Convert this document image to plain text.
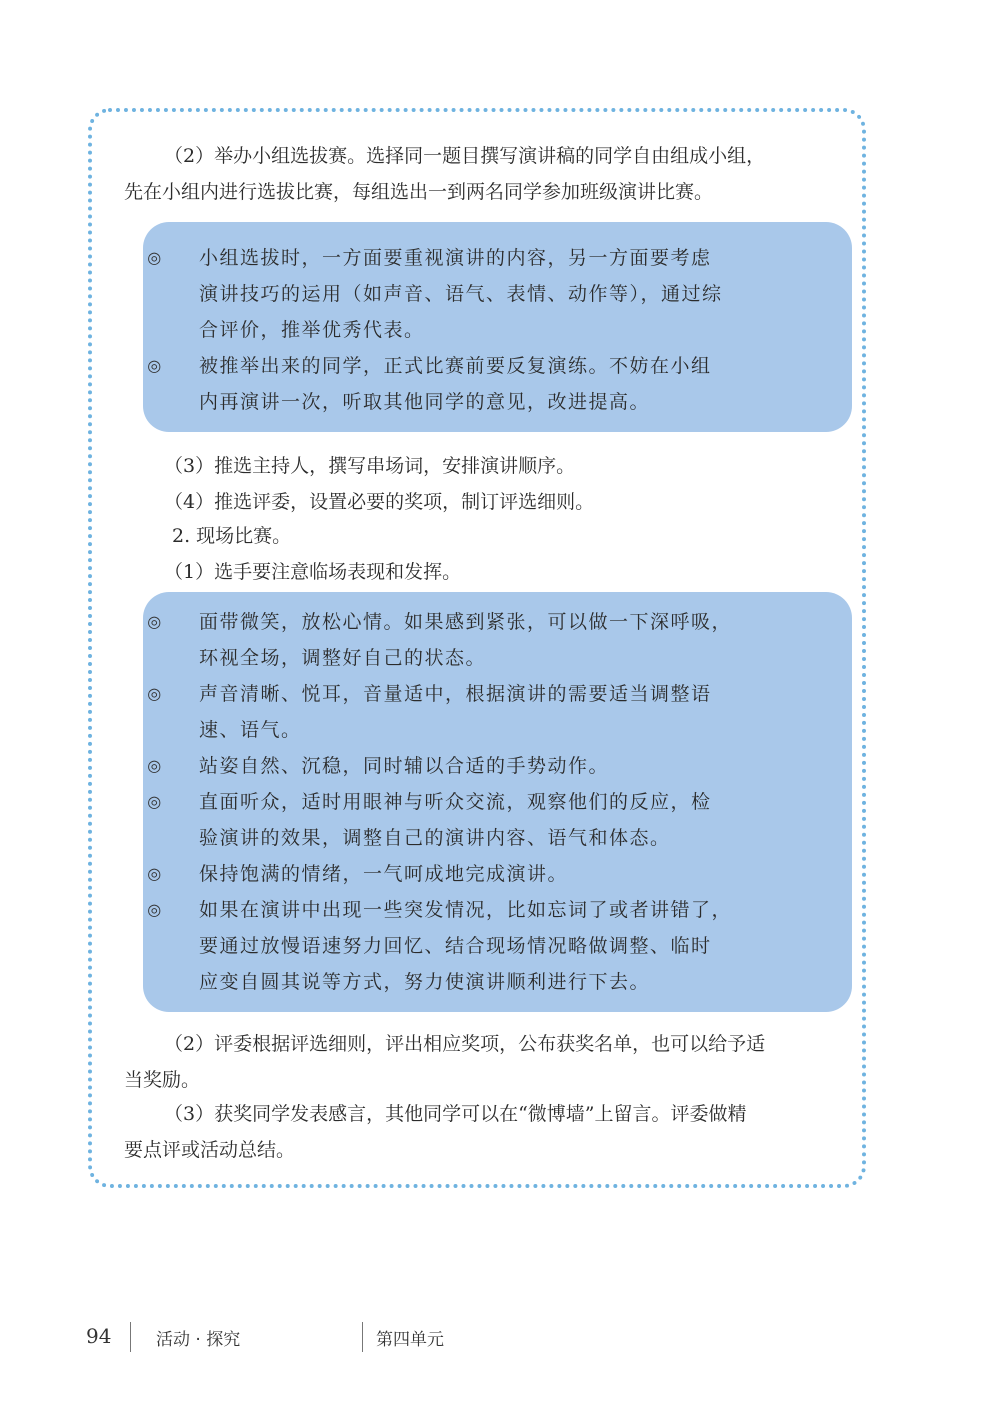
（2）举办小组选拔赛。选择同一题目撰写演讲稿的同学自由组成小组，
先在小组内进行选拔比赛，每组选出一到两名同学参加班级演讲比赛。
◎ 小组选拔时，一方面要重视演讲的内容，另一方面要考虑
演讲技巧的运用（如声音、语气、表情、动作等），通过综
合评价，推举优秀代表。
◎ 被推举出来的同学，正式比赛前要反复演练。不妨在小组
内再演讲一次，听取其他同学的意见，改进提高。
（3）推选主持人，撰写串场词，安排演讲顺序。
（4）推选评委，设置必要的奖项，制订评选细则。
2. 现场比赛。
（1）选手要注意临场表现和发挥。
◎ 面带微笑，放松心情。如果感到紧张，可以做一下深呼吸，
环视全场，调整好自己的状态。
◎ 声音清晰、悦耳，音量适中，根据演讲的需要适当调整语
速、语气。
◎ 站姿自然、沉稳，同时辅以合适的手势动作。
◎ 直面听众，适时用眼神与听众交流，观察他们的反应，检
验演讲的效果，调整自己的演讲内容、语气和体态。
◎ 保持饱满的情绪，一气呵成地完成演讲。
◎ 如果在演讲中出现一些突发情况，比如忘词了或者讲错了，
要通过放慢语速努力回忆、结合现场情况略做调整、临时
应变自圆其说等方式，努力使演讲顺利进行下去。
（2）评委根据评选细则，评出相应奖项，公布获奖名单，也可以给予适
当奖励。
（3）获奖同学发表感言，其他同学可以在“微博墙”上留言。评委做精
要点评或活动总结。
94	活动 · 探究	第四单元
